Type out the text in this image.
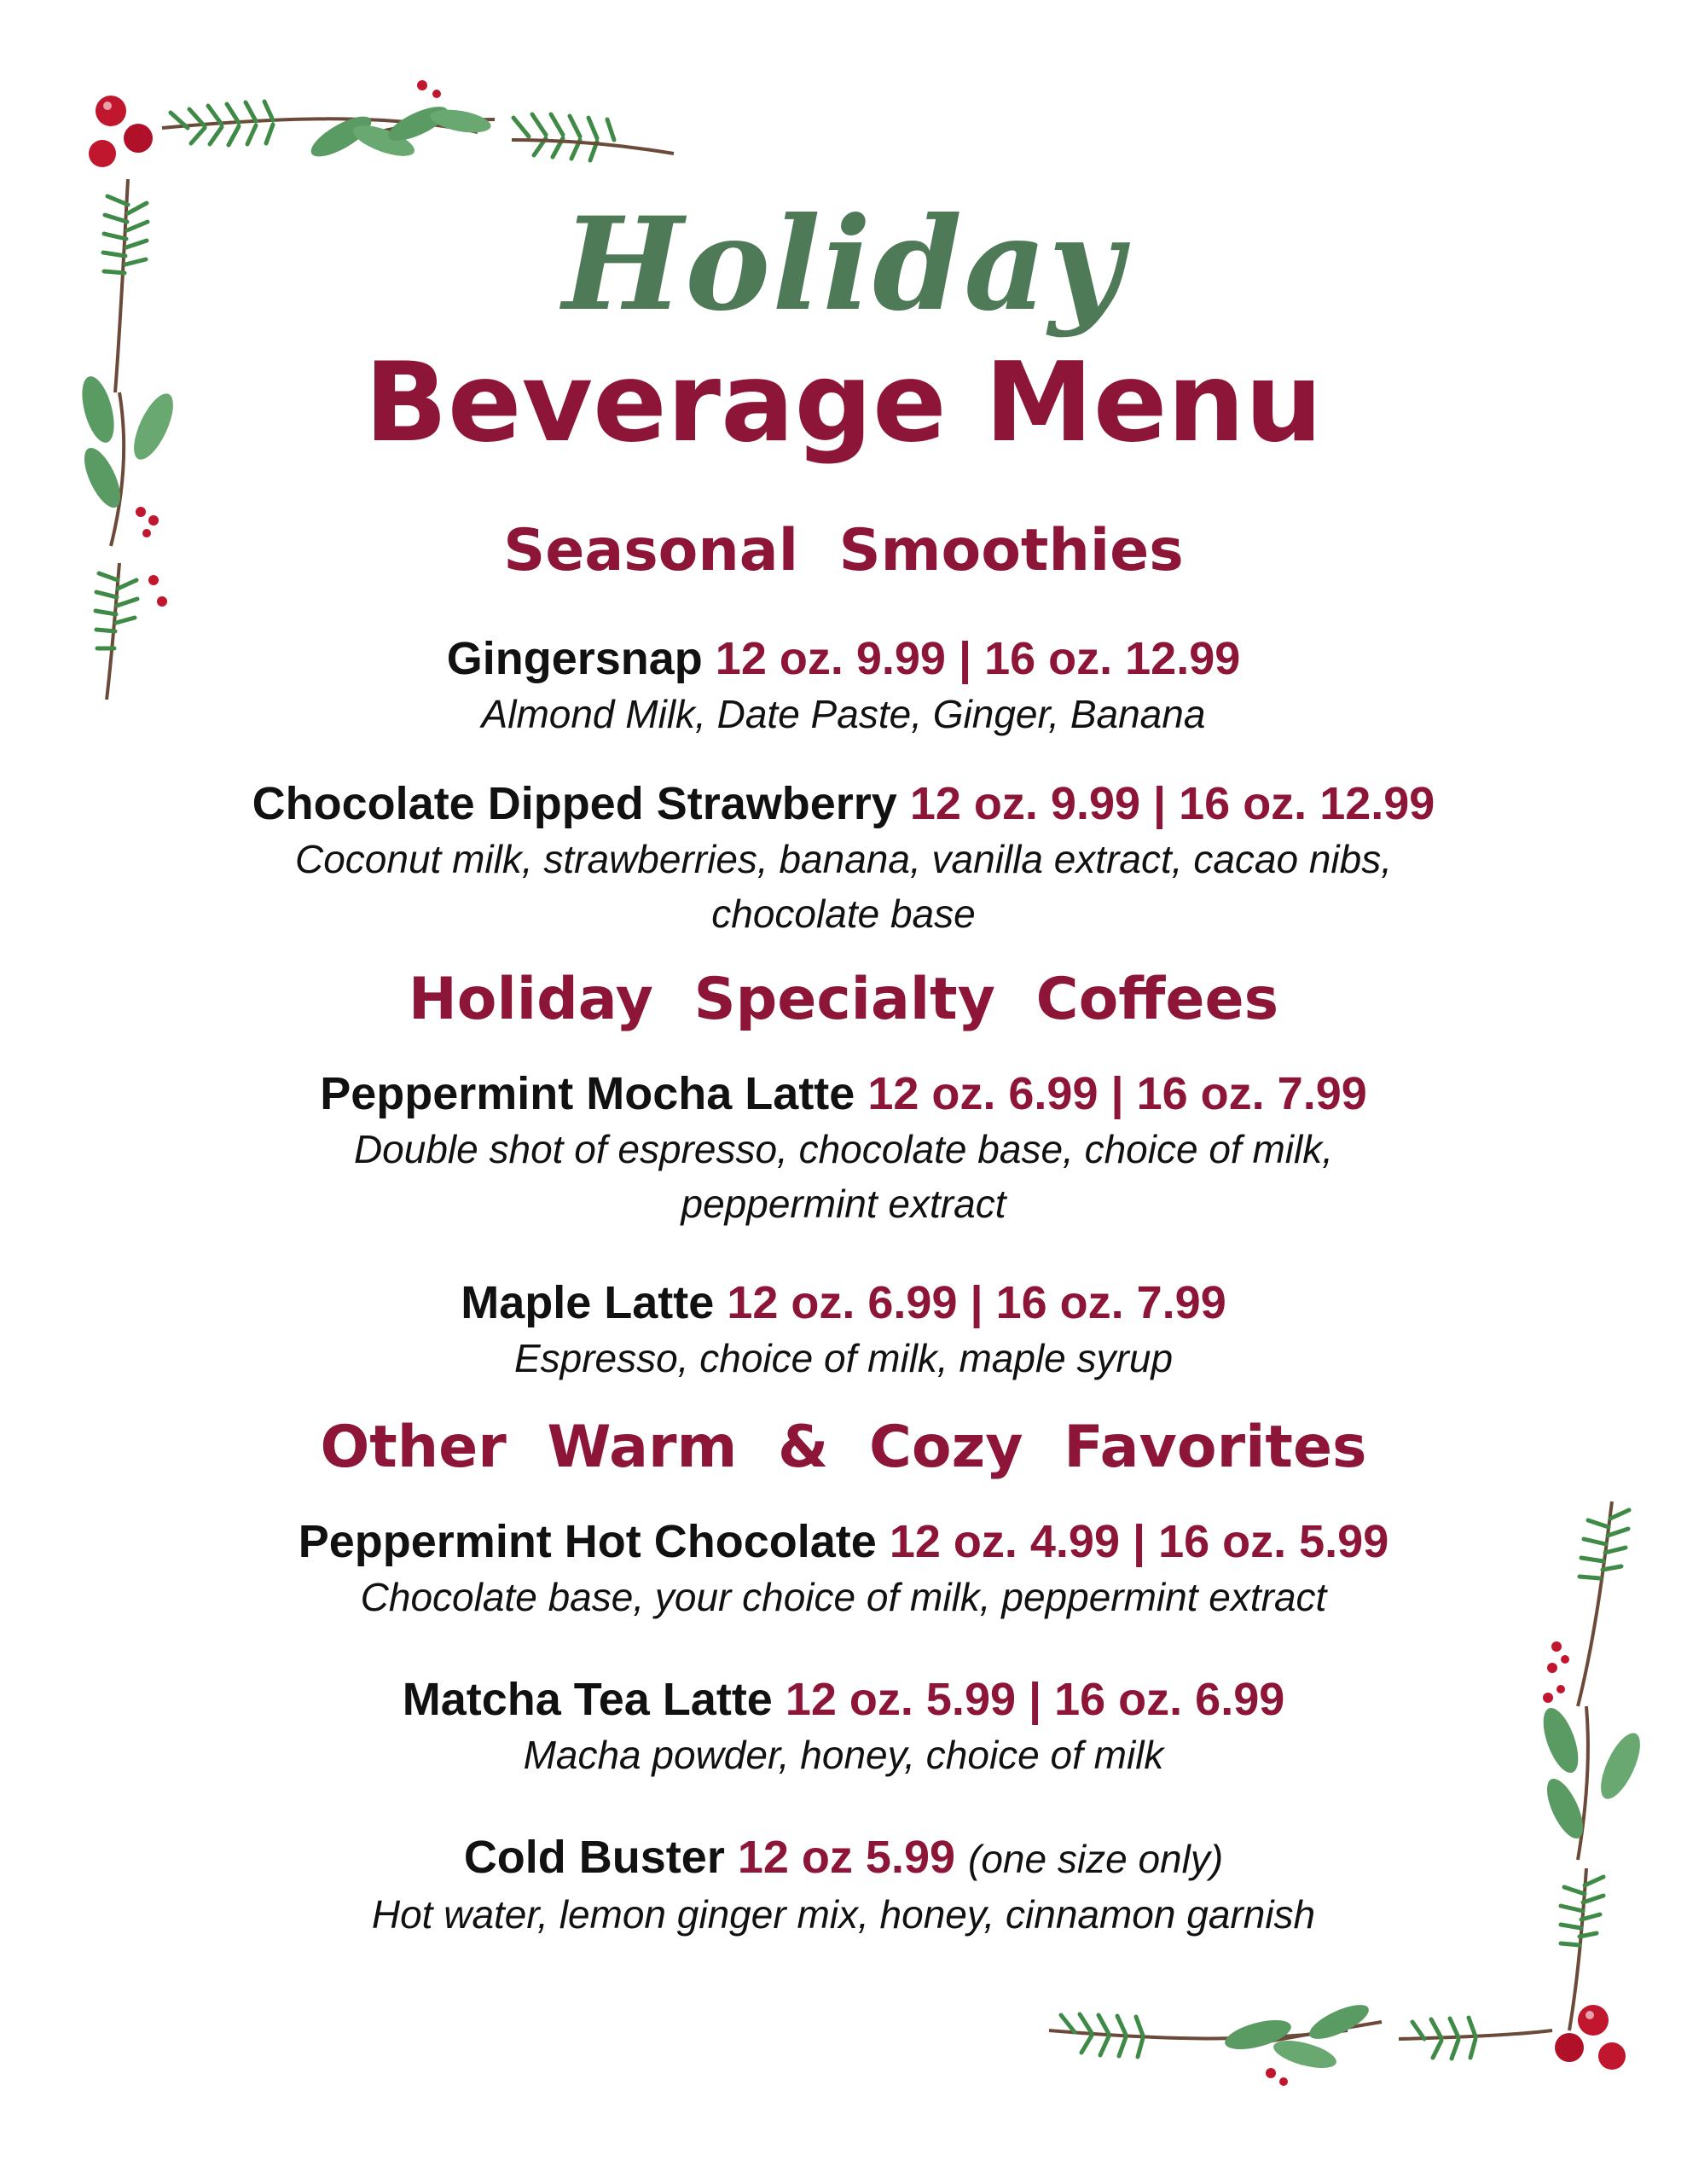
Holiday
Beverage Menu
Seasonal Smoothies
Gingersnap 12 oz. 9.99 | 16 oz. 12.99
Almond Milk, Date Paste, Ginger, Banana
Chocolate Dipped Strawberry 12 oz. 9.99 | 16 oz. 12.99
Coconut milk, strawberries, banana, vanilla extract, cacao nibs,
chocolate base
Holiday Specialty Coffees
Peppermint Mocha Latte 12 oz. 6.99 | 16 oz. 7.99
Double shot of espresso, chocolate base, choice of milk,
peppermint extract
Maple Latte 12 oz. 6.99 | 16 oz. 7.99
Espresso, choice of milk, maple syrup
Other Warm & Cozy Favorites
Peppermint Hot Chocolate 12 oz. 4.99 | 16 oz. 5.99
Chocolate base, your choice of milk, peppermint extract
Matcha Tea Latte 12 oz. 5.99 | 16 oz. 6.99
Macha powder, honey, choice of milk
Cold Buster 12 oz 5.99 (one size only)
Hot water, lemon ginger mix, honey, cinnamon garnish
